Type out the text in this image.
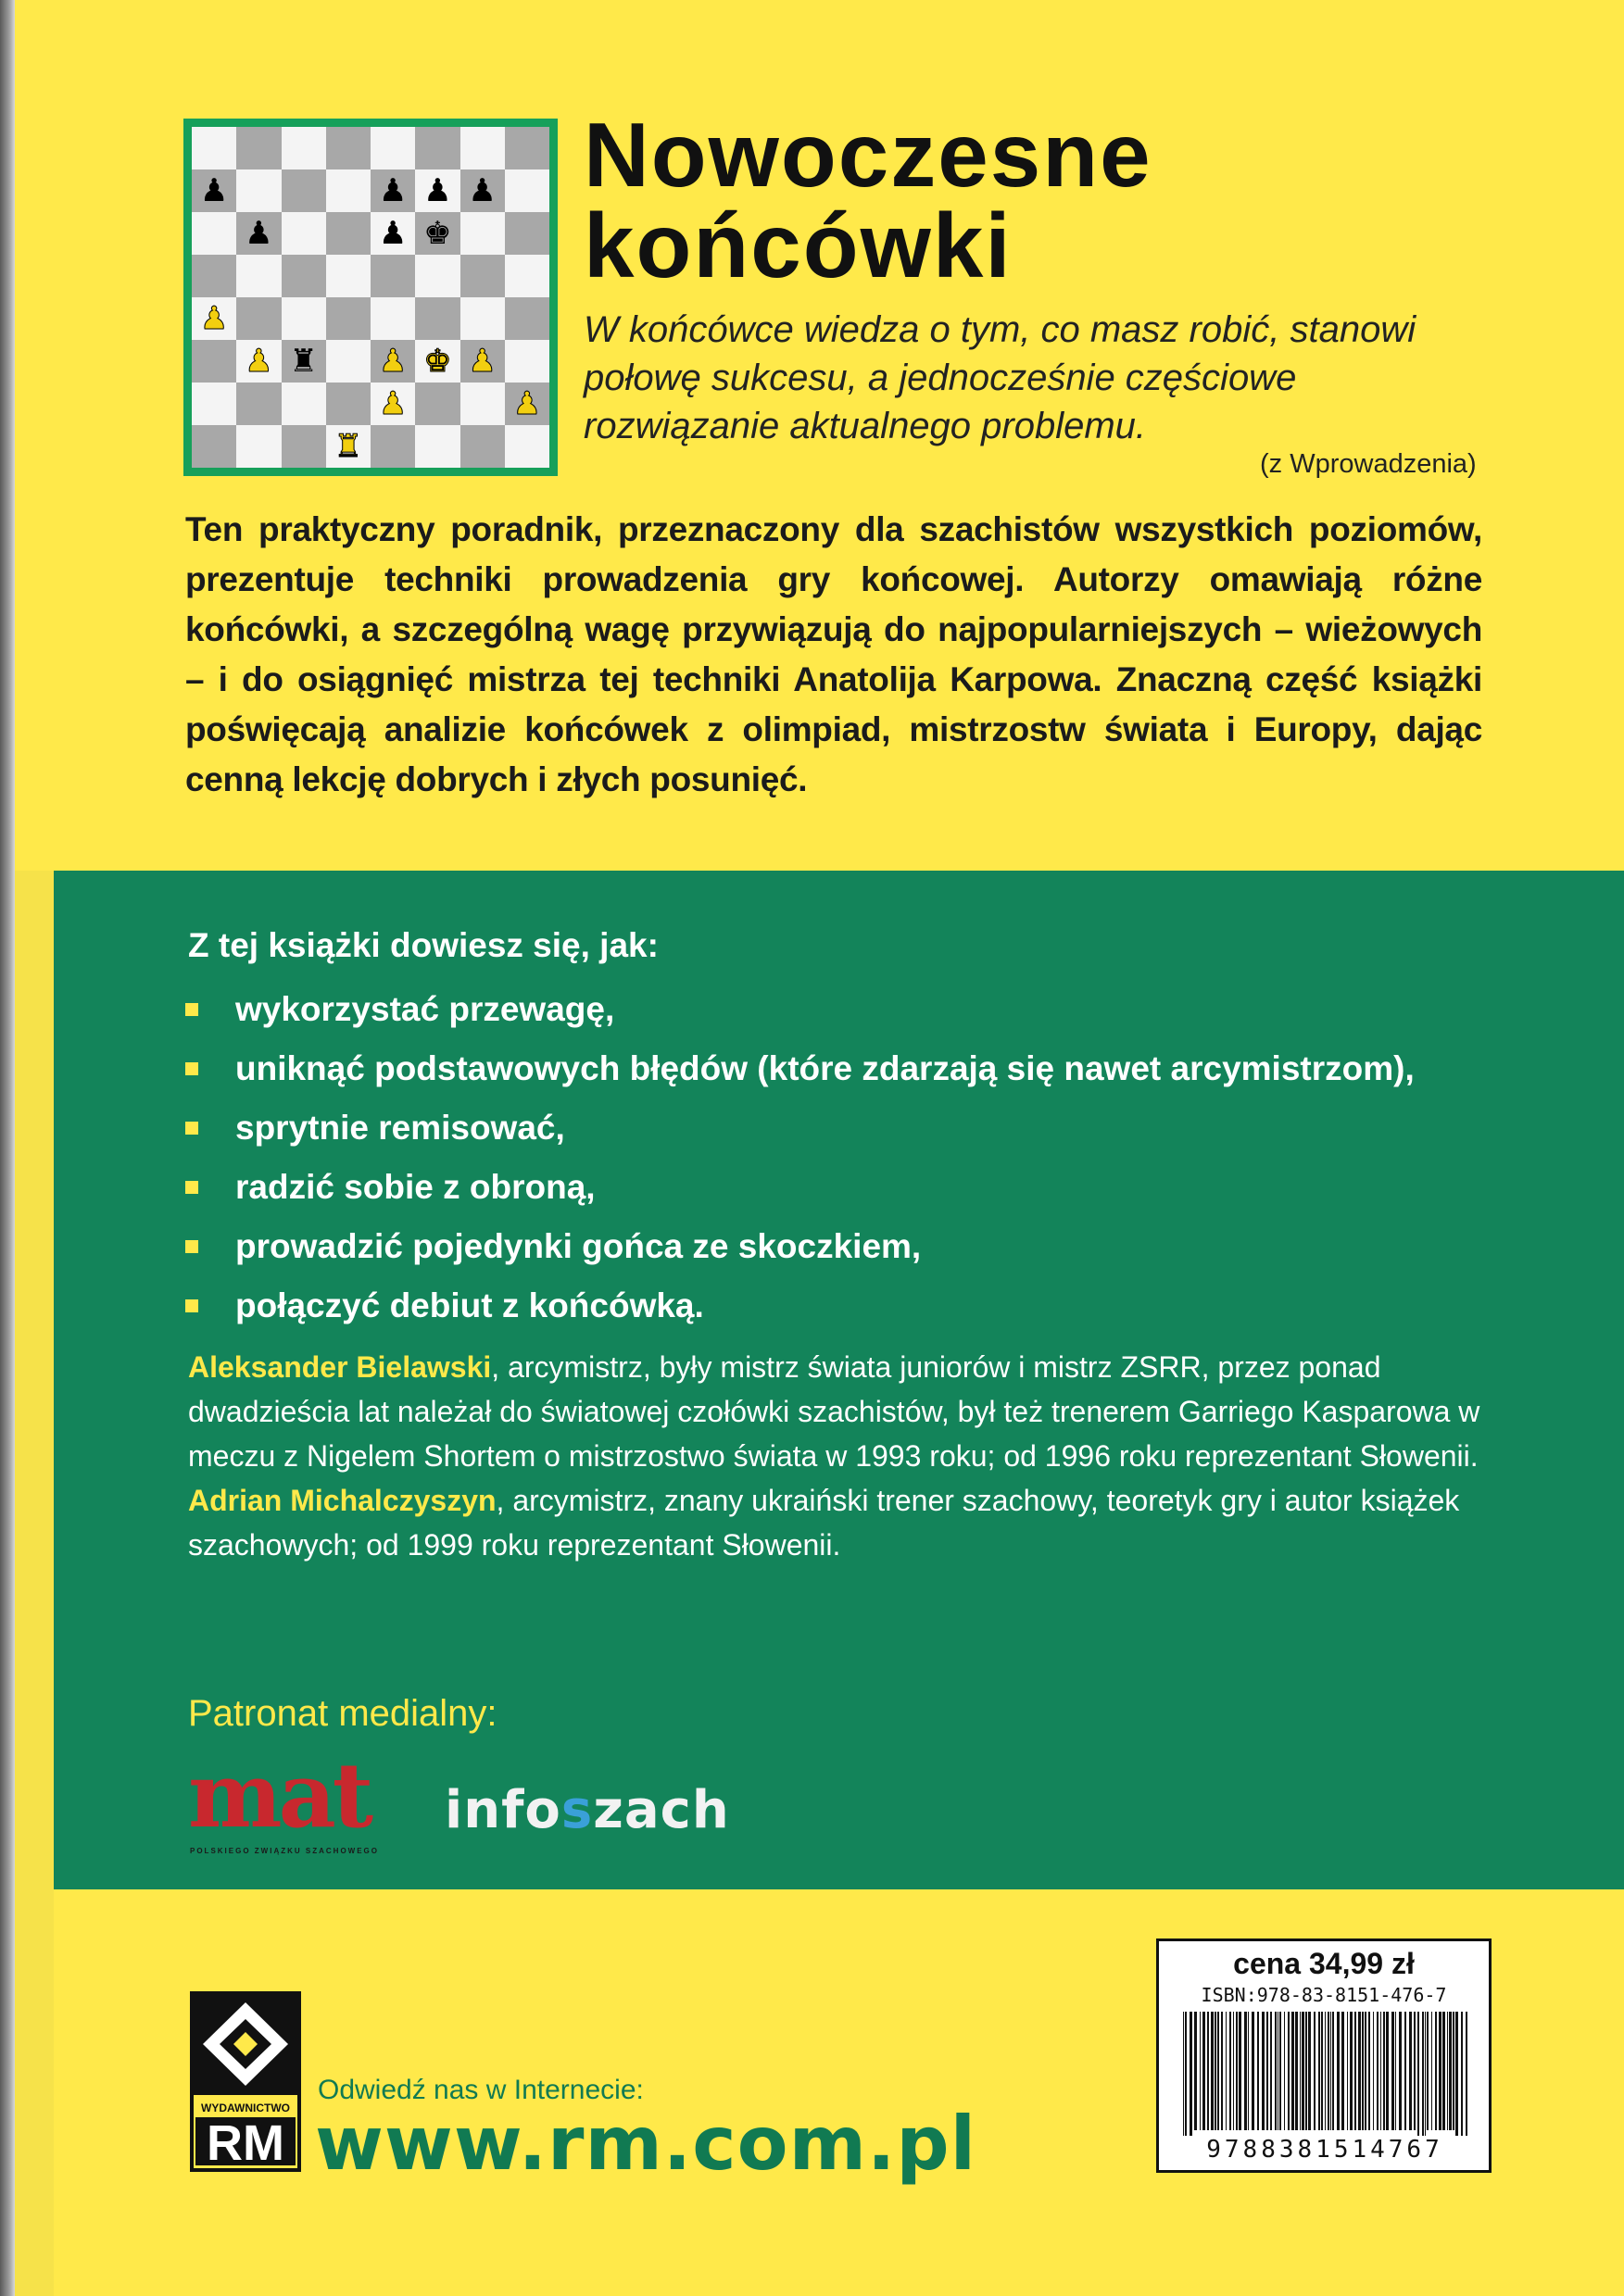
♟	♟ ♟ ♟
♟	♟ ♚
♟
♟ ♜ ♟ ♚ ♟
♟	♟
♜
Nowoczesne
końcówki

W końcówce wiedza o tym, co masz robić, stanowi
połowę sukcesu, a jednocześnie częściowe
rozwiązanie aktualnego problemu.

(z Wprowadzenia)

Ten praktyczny poradnik, przeznaczony dla szachistów wszystkich poziomów, prezentuje techniki prowadzenia gry końcowej. Autorzy omawiają różne końcówki, a szczególną wagę przywiązują do najpopularniejszych – wieżowych – i do osiągnięć mistrza tej techniki Anatolija Karpowa. Znaczną część książki poświęcają analizie końcówek z olimpiad, mistrzostw świata i Europy, dając cenną lekcję dobrych i złych posunięć.

Z tej książki dowiesz się, jak:

wykorzystać przewagę,
uniknąć podstawowych błędów (które zdarzają się nawet arcymistrzom),
sprytnie remisować,
radzić sobie z obroną,
prowadzić pojedynki gońca ze skoczkiem,
połączyć debiut z końcówką.

Aleksander Bielawski, arcymistrz, były mistrz świata juniorów i mistrz ZSRR, przez ponad dwadzieścia lat należał do światowej czołówki szachistów, był też trenerem Garriego Kasparowa w meczu z Nigelem Shortem o mistrzostwo świata w 1993 roku; od 1996 roku reprezentant Słowenii.
Adrian Michalczyszyn, arcymistrz, znany ukraiński trener szachowy, teoretyk gry i autor książek szachowych; od 1999 roku reprezentant Słowenii.

Patronat medialny:

mat
POLSKIEGO ZWIĄZKU SZACHOWEGO
i nfo s zach
WYDAWNICTWO
RM
Odwiedź nas w Internecie:
www.rm.com.pl
cena 34,99 zł
ISBN:978-83-8151-476-7
9788381514767
